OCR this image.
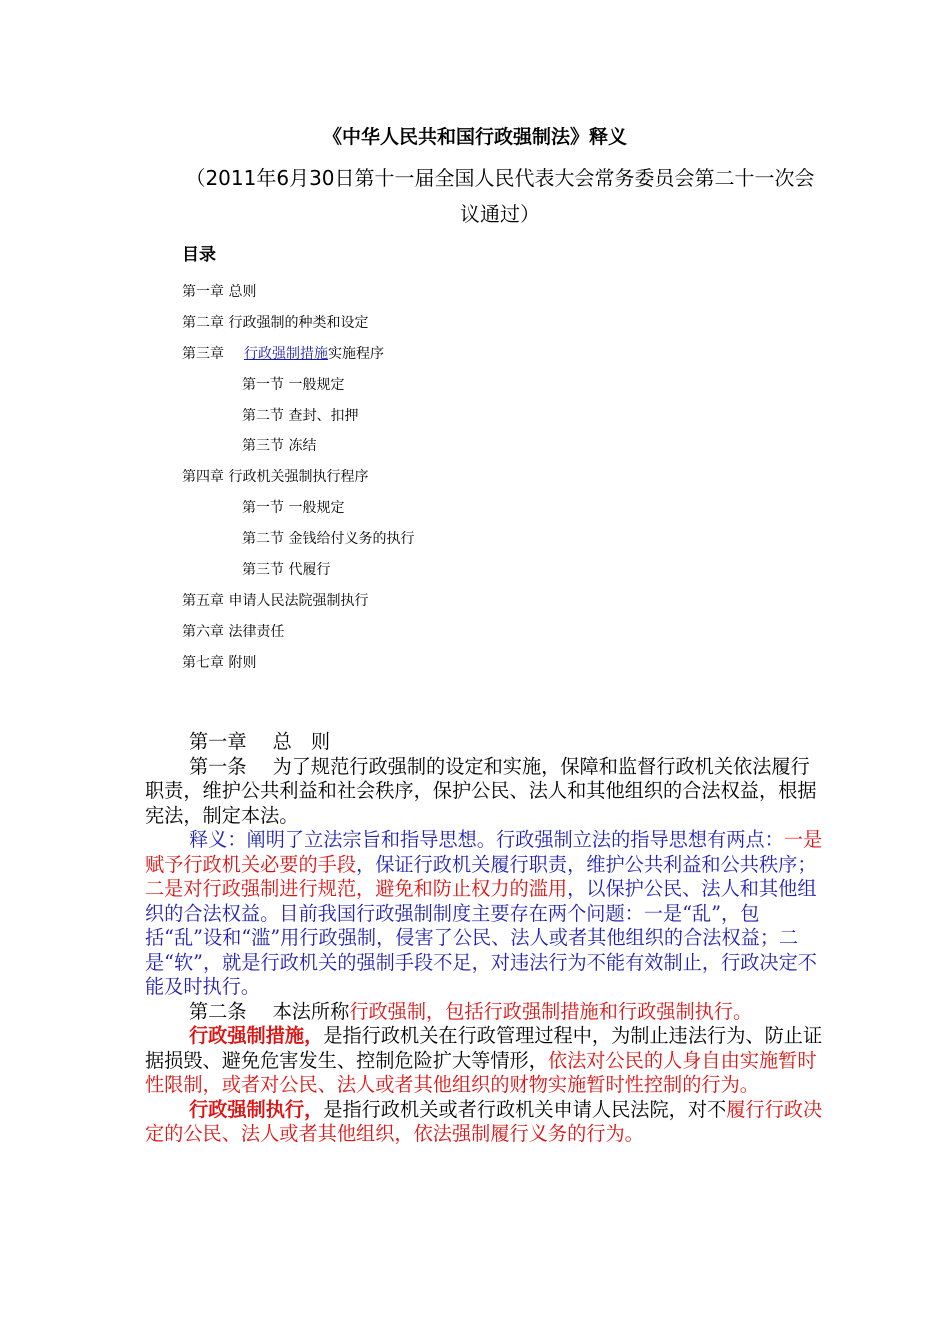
《中华人民共和国行政强制法》释义
（2011年6月30日第十一届全国人民代表大会常务委员会第二十一次会议通过）
目录
第一章 总则
第二章 行政强制的种类和设定
第三章 行政强制措施实施程序
第一节 一般规定
第二节 查封、扣押
第三节 冻结
第四章 行政机关强制执行程序
第一节 一般规定
第二节 金钱给付义务的执行
第三节 代履行
第五章 申请人民法院强制执行
第六章 法律责任
第七章 附则

第一章 总　则

第一条 为了规范行政强制的设定和实施，保障和监督行政机关依法履行职责，维护公共利益和社会秩序，保护公民、法人和其他组织的合法权益，根据宪法，制定本法。

释义：阐明了立法宗旨和指导思想。行政强制立法的指导思想有两点：一是赋予行政机关必要的手段，保证行政机关履行职责，维护公共利益和公共秩序；二是对行政强制进行规范，避免和防止权力的滥用，以保护公民、法人和其他组织的合法权益。目前我国行政强制制度主要存在两个问题：一是“乱”，包括“乱”设和“滥”用行政强制，侵害了公民、法人或者其他组织的合法权益；二是“软”，就是行政机关的强制手段不足，对违法行为不能有效制止，行政决定不能及时执行。

第二条 本法所称行政强制，包括行政强制措施和行政强制执行。

行政强制措施，是指行政机关在行政管理过程中，为制止违法行为、防止证据损毁、避免危害发生、控制危险扩大等情形，依法对公民的人身自由实施暂时性限制，或者对公民、法人或者其他组织的财物实施暂时性控制的行为。

行政强制执行，是指行政机关或者行政机关申请人民法院，对不履行行政决定的公民、法人或者其他组织，依法强制履行义务的行为。
